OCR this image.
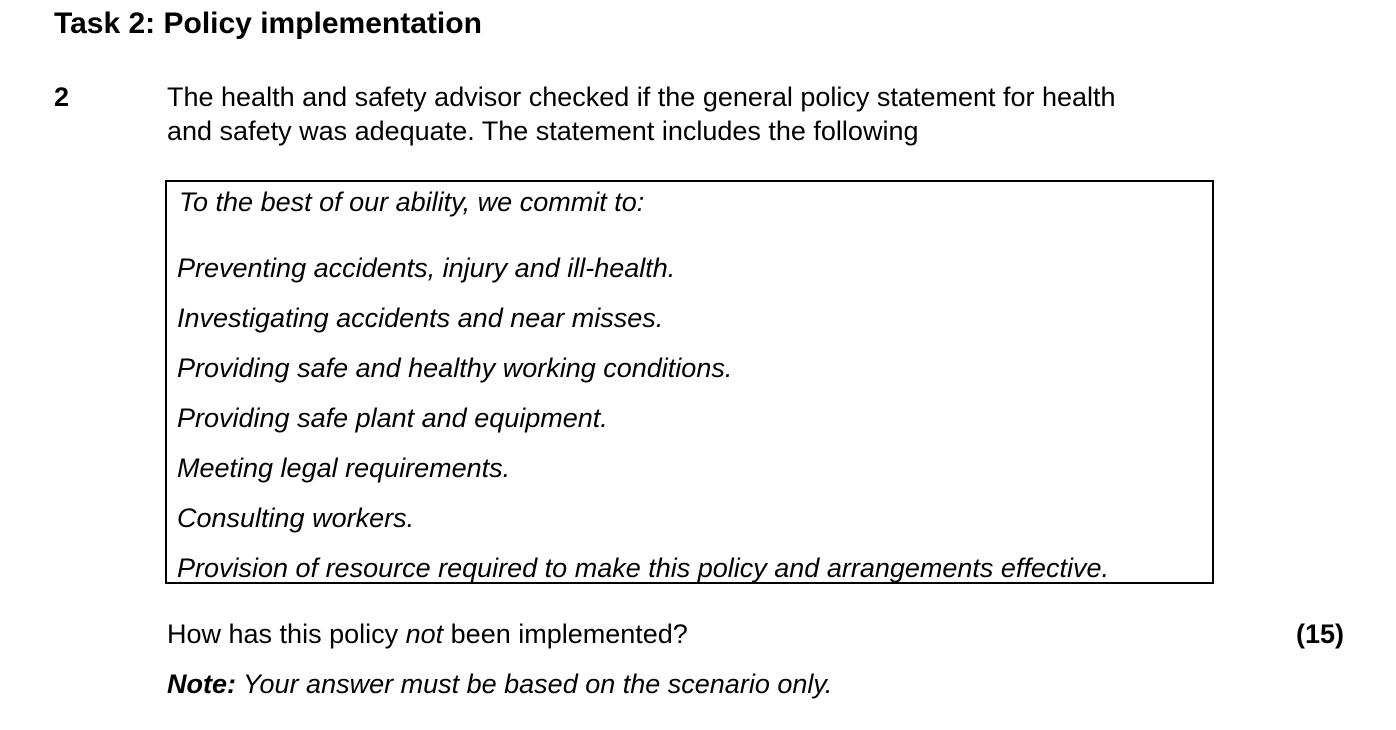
Task 2: Policy implementation
2	The health and safety advisor checked if the general policy statement for health
and safety was adequate. The statement includes the following

To the best of our ability, we commit to:
Preventing accidents, injury and ill-health.
Investigating accidents and near misses.
Providing safe and healthy working conditions.
Providing safe plant and equipment.
Meeting legal requirements.
Consulting workers.
Provision of resource required to make this policy and arrangements effective.
How has this policy not been implemented?	(15)
Note: Your answer must be based on the scenario only.
